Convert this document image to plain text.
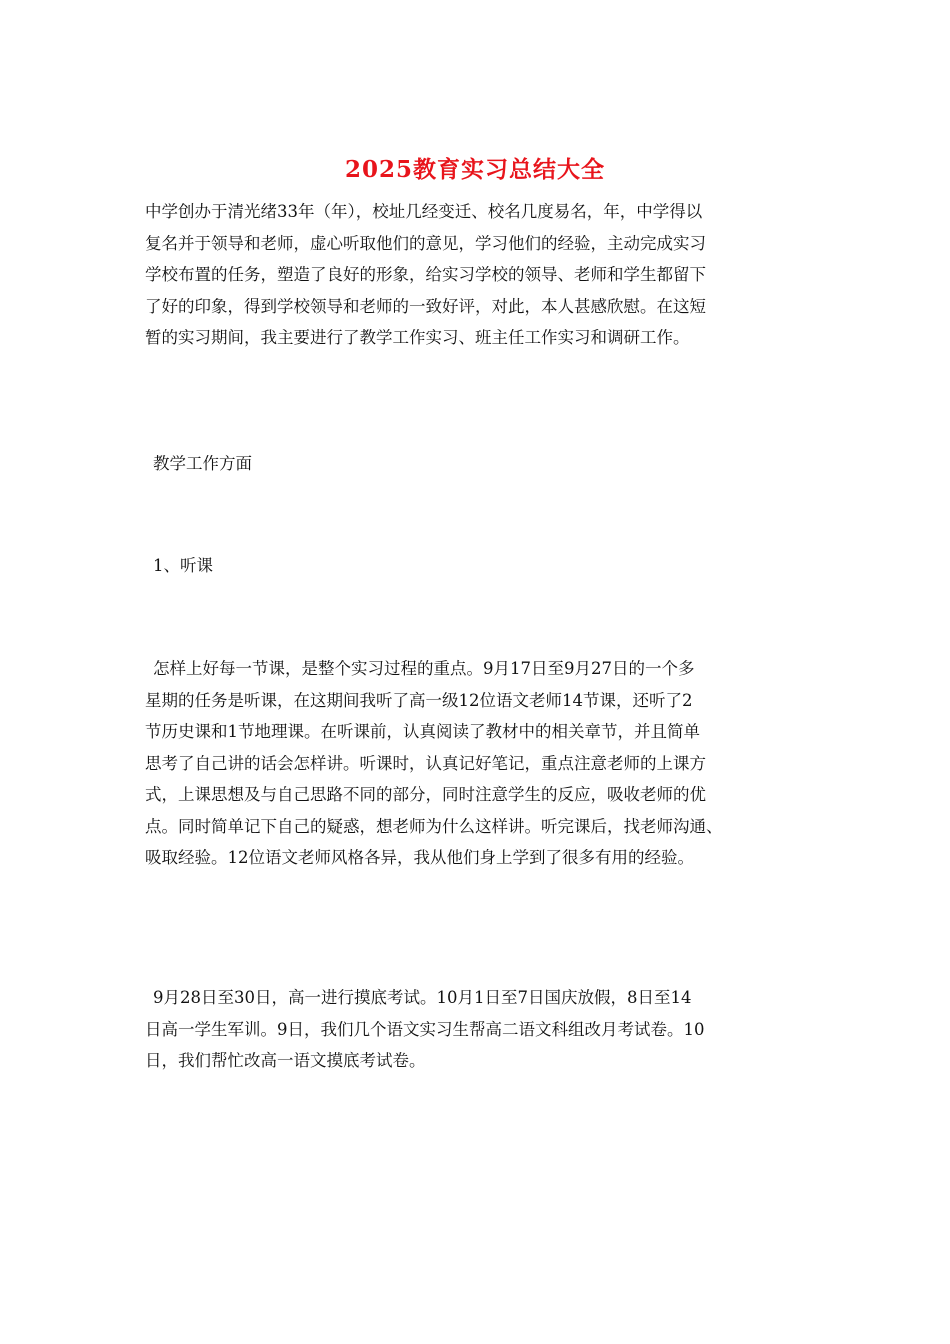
2025教育实习总结大全
中学创办于清光绪33年（年），校址几经变迁、校名几度易名，年，中学得以
复名并于领导和老师，虚心听取他们的意见，学习他们的经验，主动完成实习
学校布置的任务，塑造了良好的形象，给实习学校的领导、老师和学生都留下
了好的印象，得到学校领导和老师的一致好评，对此，本人甚感欣慰。在这短
暂的实习期间，我主要进行了教学工作实习、班主任工作实习和调研工作。
教学工作方面
1、听课
怎样上好每一节课，是整个实习过程的重点。9月17日至9月27日的一个多
星期的任务是听课，在这期间我听了高一级12位语文老师14节课，还听了2
节历史课和1节地理课。在听课前，认真阅读了教材中的相关章节，并且简单
思考了自己讲的话会怎样讲。听课时，认真记好笔记，重点注意老师的上课方
式，上课思想及与自己思路不同的部分，同时注意学生的反应，吸收老师的优
点。同时简单记下自己的疑惑，想老师为什么这样讲。听完课后，找老师沟通、
吸取经验。12位语文老师风格各异，我从他们身上学到了很多有用的经验。
9月28日至30日，高一进行摸底考试。10月1日至7日国庆放假，8日至14
日高一学生军训。9日，我们几个语文实习生帮高二语文科组改月考试卷。10
日，我们帮忙改高一语文摸底考试卷。
